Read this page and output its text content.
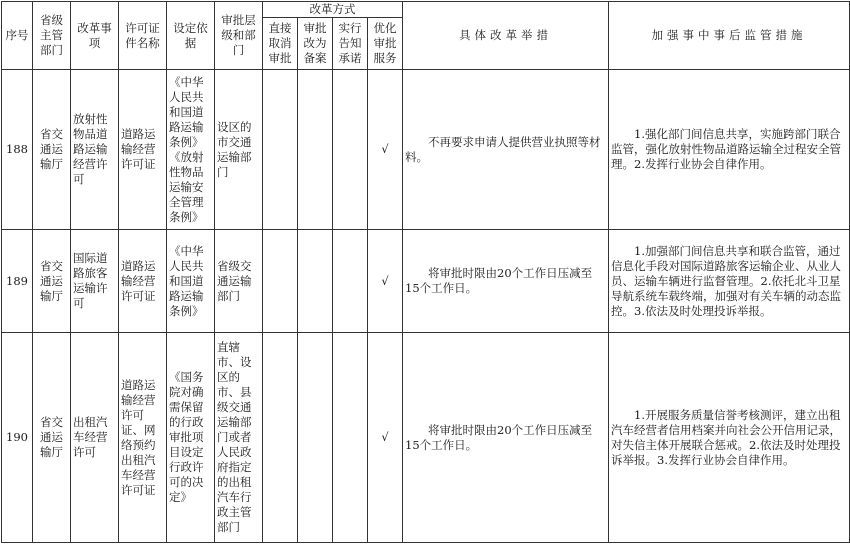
序号	省级主管部门	改革事项	许可证件名称	设定依据	审批层级和部门	改革方式				具体改革举措	加强事中事后监管措施
						直接取消审批	审批改为备案	实行告知承诺	优化审批服务		
188	省交通运输厅	放射性物品道路运输经营许可	道路运输经营许可证	《中华人民共和国道路运输条例》《放射性物品运输安全管理条例》	设区的市交通运输部门				√	不再要求申请人提供营业执照等材料。	1.强化部门间信息共享，实施跨部门联合监管，强化放射性物品道路运输全过程安全管理。2.发挥行业协会自律作用。
189	省交通运输厅	国际道路旅客运输许可	道路运输经营许可证	《中华人民共和国道路运输条例》	省级交通运输部门				√	将审批时限由20个工作日压减至15个工作日。	1.加强部门间信息共享和联合监管，通过信息化手段对国际道路旅客运输企业、从业人员、运输车辆进行监督管理。2.依托北斗卫星导航系统车载终端，加强对有关车辆的动态监控。3.依法及时处理投诉举报。
190	省交通运输厅	出租汽车经营许可	道路运输经营许可证、网络预约出租汽车经营许可证	《国务院对确需保留的行政审批项目设定行政许可的决定》	直辖市、设区的市、县级交通运输部门或者人民政府指定的出租汽车行政主管部门				√	将审批时限由20个工作日压减至15个工作日。	1.开展服务质量信誉考核测评，建立出租汽车经营者信用档案并向社会公开信用记录，对失信主体开展联合惩戒。2.依法及时处理投诉举报。3.发挥行业协会自律作用。
